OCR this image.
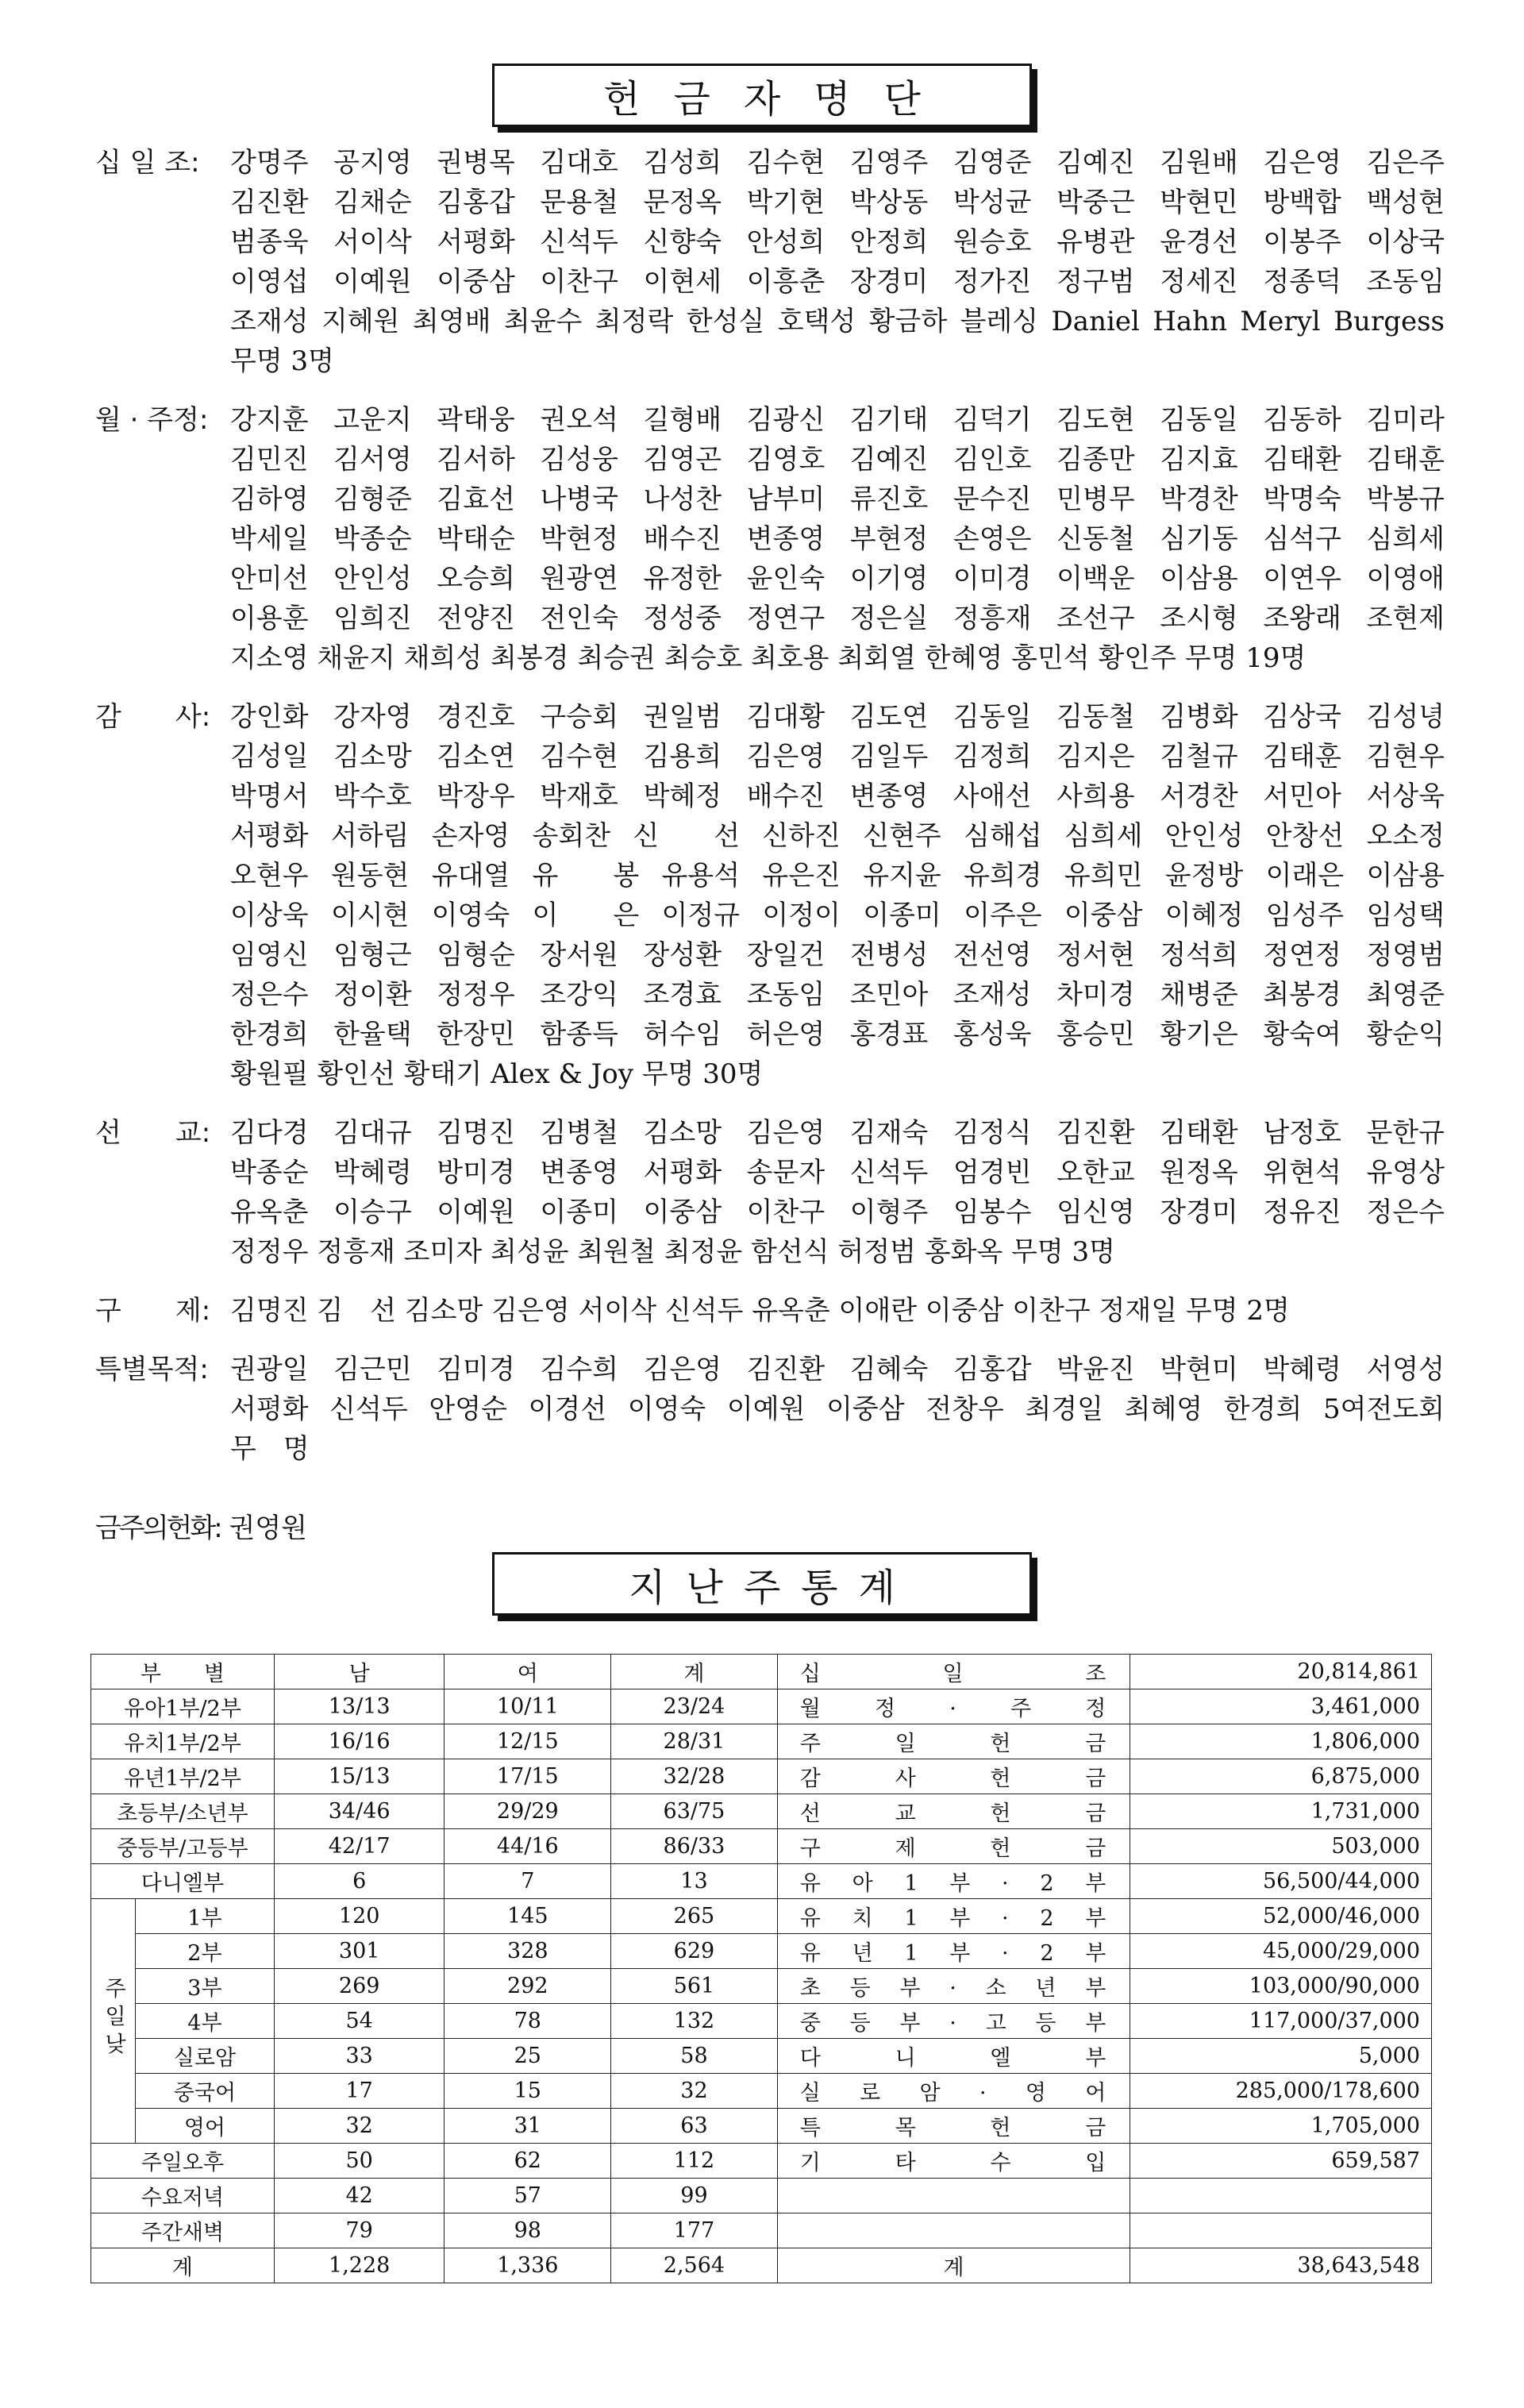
헌금자명단
십 일 조:	강명주 공지영 권병목 김대호 김성희 김수현 김영주 김영준 김예진 김원배 김은영 김은주
김진환 김채순 김홍갑 문용철 문정옥 박기현 박상동 박성균 박중근 박현민 방백합 백성현
범종욱 서이삭 서평화 신석두 신향숙 안성희 안정희 원승호 유병관 윤경선 이봉주 이상국
이영섭 이예원 이중삼 이찬구 이현세 이흥춘 장경미 정가진 정구범 정세진 정종덕 조동임
조재성 지혜원 최영배 최윤수 최정락 한성실 호택성 황금하 블레싱 Daniel Hahn Meryl Burgess
무명 3명
월 · 주정: 강지훈 고운지 곽태웅 권오석 길형배 김광신 김기태 김덕기 김도현 김동일 김동하 김미라
김민진 김서영 김서하 김성웅 김영곤 김영호 김예진 김인호 김종만 김지효 김태환 김태훈
김하영 김형준 김효선 나병국 나성찬 남부미 류진호 문수진 민병무 박경찬 박명숙 박봉규
박세일 박종순 박태순 박현정 배수진 변종영 부현정 손영은 신동철 심기동 심석구 심희세
안미선 안인성 오승희 원광연 유정한 윤인숙 이기영 이미경 이백운 이삼용 이연우 이영애
이용훈 임희진 전양진 전인숙 정성중 정연구 정은실 정흥재 조선구 조시형 조왕래 조현제
지소영 채윤지 채희성 최봉경 최승권 최승호 최호용 최회열 한혜영 홍민석 황인주 무명 19명
감　　사: 강인화 강자영 경진호 구승회 권일범 김대황 김도연 김동일 김동철 김병화 김상국 김성녕
김성일 김소망 김소연 김수현 김용희 김은영 김일두 김정희 김지은 김철규 김태훈 김현우
박명서 박수호 박장우 박재호 박혜정 배수진 변종영 사애선 사희용 서경찬 서민아 서상욱
서평화 서하림 손자영 송회찬 신　선 신하진 신현주 심해섭 심희세 안인성 안창선 오소정
오현우 원동현 유대열 유　봉 유용석 유은진 유지윤 유희경 유희민 윤정방 이래은 이삼용
이상욱 이시현 이영숙 이　은 이정규 이정이 이종미 이주은 이중삼 이혜정 임성주 임성택
임영신 임형근 임형순 장서원 장성환 장일건 전병성 전선영 정서현 정석희 정연정 정영범
정은수 정이환 정정우 조강익 조경효 조동임 조민아 조재성 차미경 채병준 최봉경 최영준
한경희 한율택 한장민 함종득 허수임 허은영 홍경표 홍성욱 홍승민 황기은 황숙여 황순익
황원필 황인선 황태기 Alex & Joy 무명 30명
선　　교: 김다경 김대규 김명진 김병철 김소망 김은영 김재숙 김정식 김진환 김태환 남정호 문한규
박종순 박혜령 방미경 변종영 서평화 송문자 신석두 엄경빈 오한교 원정옥 위현석 유영상
유옥춘 이승구 이예원 이종미 이중삼 이찬구 이형주 임봉수 임신영 장경미 정유진 정은수
정정우 정흥재 조미자 최성윤 최원철 최정윤 함선식 허정범 홍화옥 무명 3명
구　　제: 김명진 김　선 김소망 김은영 서이삭 신석두 유옥춘 이애란 이중삼 이찬구 정재일 무명 2명
특별목적: 권광일 김근민 김미경 김수희 김은영 김진환 김혜숙 김홍갑 박윤진 박현미 박혜령 서영성
서평화 신석두 안영순 이경선 이영숙 이예원 이중삼 전창우 최경일 최혜영 한경희 5여전도회
무　명
금주의헌화: 권영원
지난주통계
부　　별		남	여	계	십　일　조	20,814,861
유아1부/2부		13/13	10/11	23/24	월 정 · 주 정	3,461,000
유치1부/2부		16/16	12/15	28/31	주 일 헌 금	1,806,000
유년1부/2부		15/13	17/15	32/28	감 사 헌 금	6,875,000
초등부/소년부		34/46	29/29	63/75	선 교 헌 금	1,731,000
중등부/고등부		42/17	44/16	86/33	구 제 헌 금	503,000
다니엘부		6	7	13	유 아 1 부 · 2 부	56,500/44,000
주일낮	1부	120	145	265	유 치 1 부 · 2 부	52,000/46,000
	2부	301	328	629	유 년 1 부 · 2 부	45,000/29,000
	3부	269	292	561	초 등 부 · 소 년 부	103,000/90,000
	4부	54	78	132	중 등 부 · 고 등 부	117,000/37,000
	실로암	33	25	58	다 니 엘 부	5,000
	중국어	17	15	32	실 로 암 · 영 어	285,000/178,600
	영어	32	31	63	특 목 헌 금	1,705,000
주일오후		50	62	112	기 타 수 입	659,587
수요저녁		42	57	99		
주간새벽		79	98	177		
계		1,228	1,336	2,564	계	38,643,548
